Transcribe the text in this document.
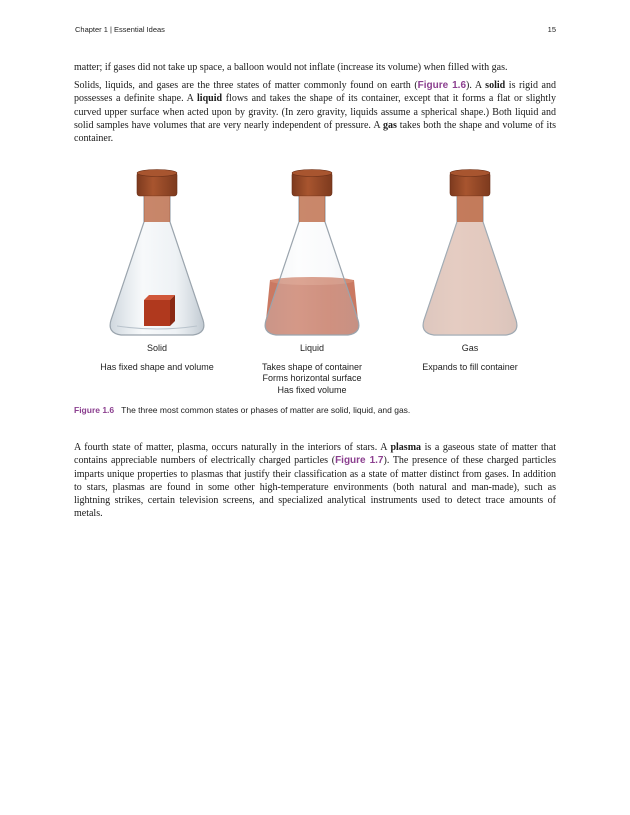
Chapter 1 | Essential Ideas	15

matter; if gases did not take up space, a balloon would not inflate (increase its volume) when filled with gas.

Solids, liquids, and gases are the three states of matter commonly found on earth (Figure 1.6). A solid is rigid and possesses a definite shape. A liquid flows and takes the shape of its container, except that it forms a flat or slightly curved upper surface when acted upon by gravity. (In zero gravity, liquids assume a spherical shape.) Both liquid and solid samples have volumes that are very nearly independent of pressure. A gas takes both the shape and volume of its container.

Solid
Has fixed shape and volume
Liquid
Takes shape of container
Forms horizontal surface
Has fixed volume
Gas
Expands to fill container
Figure 1.6 The three most common states or phases of matter are solid, liquid, and gas.

A fourth state of matter, plasma, occurs naturally in the interiors of stars. A plasma is a gaseous state of matter that contains appreciable numbers of electrically charged particles (Figure 1.7). The presence of these charged particles imparts unique properties to plasmas that justify their classification as a state of matter distinct from gases. In addition to stars, plasmas are found in some other high-temperature environments (both natural and man-made), such as lightning strikes, certain television screens, and specialized analytical instruments used to detect trace amounts of metals.
